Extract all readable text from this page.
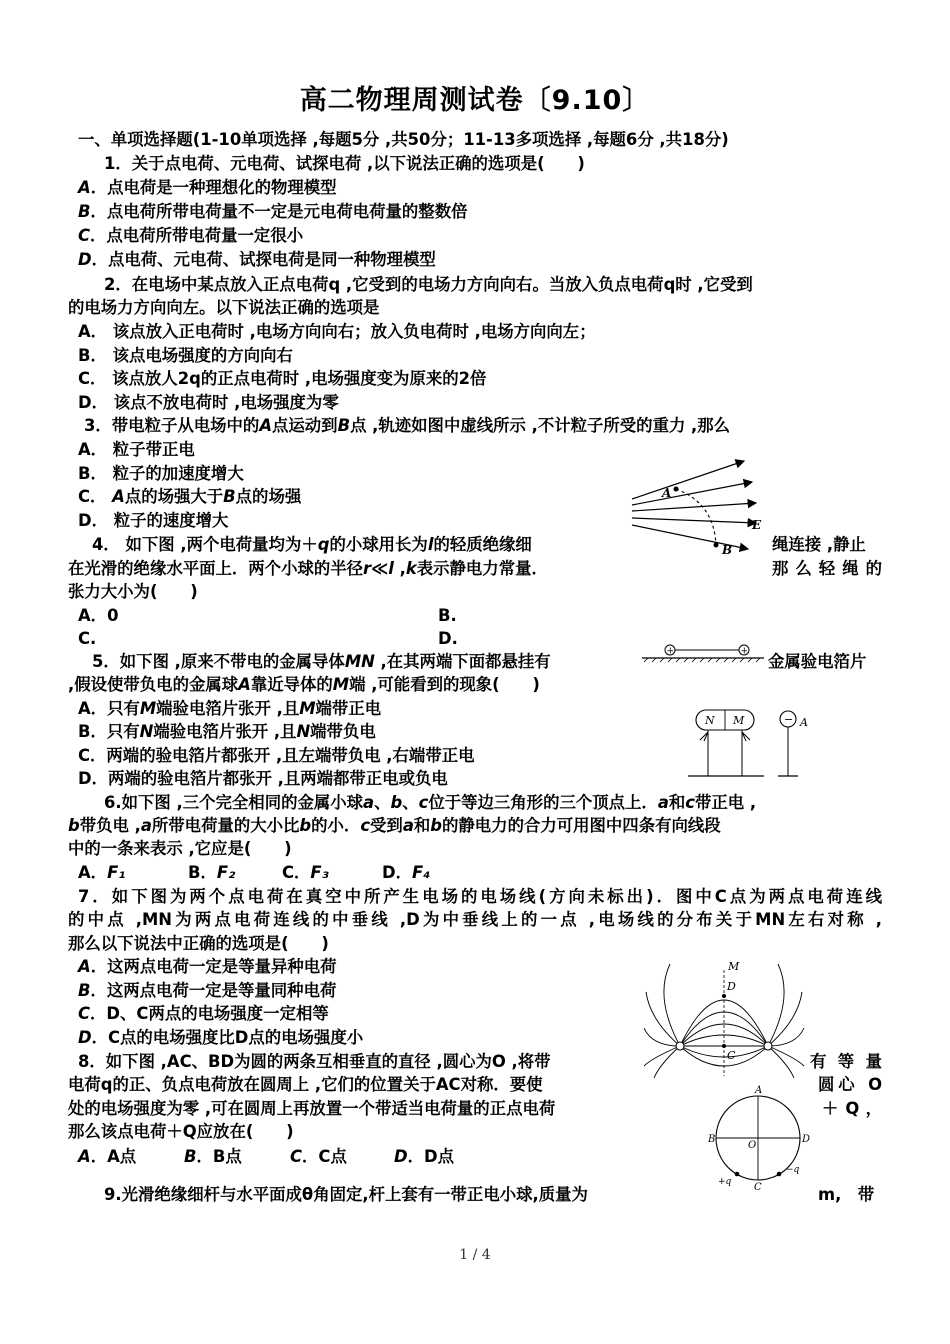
高二物理周测试卷〔9.10〕
一、单项选择题(1-10单项选择 ,每题5分 ,共50分；11-13多项选择 ,每题6分 ,共18分)
1．关于点电荷、元电荷、试探电荷 ,以下说法正确的选项是(　　)
A．点电荷是一种理想化的物理模型
B．点电荷所带电荷量不一定是元电荷电荷量的整数倍
C．点电荷所带电荷量一定很小
D．点电荷、元电荷、试探电荷是同一种物理模型
2．在电场中某点放入正点电荷q ,它受到的电场力方向向右。当放入负点电荷q时 ,它受到
的电场力方向向左。以下说法正确的选项是
A． 该点放入正电荷时 ,电场方向向右；放入负电荷时 ,电场方向向左；
B． 该点电场强度的方向向右
C． 该点放人2q的正点电荷时 ,电场强度变为原来的2倍
D． 该点不放电荷时 ,电场强度为零
3．带电粒子从电场中的A点运动到B点 ,轨迹如图中虚线所示 ,不计粒子所受的重力 ,那么
A． 粒子带正电
B． 粒子的加速度增大
C． A点的场强大于B点的场强
D． 粒子的速度增大
A
B
E
4． 如下图 ,两个电荷量均为＋q的小球用长为l的轻质绝缘细	绳连接 ,静止
在光滑的绝缘水平面上．两个小球的半径r≪l ,k表示静电力常量．	那么轻绳的
张力大小为(　　)
A．0	B.
C.	D.
+	+
5．如下图 ,原来不带电的金属导体MN ,在其两端下面都悬挂有	金属验电箔片
,假设使带负电的金属球A靠近导体的M端 ,可能看到的现象(　　)
A．只有M端验电箔片张开 ,且M端带正电
B．只有N端验电箔片张开 ,且N端带负电
C．两端的验电箔片都张开 ,且左端带负电 ,右端带正电
D．两端的验电箔片都张开 ,且两端都带正电或负电
N M	− A
6.如下图 ,三个完全相同的金属小球a、b、c位于等边三角形的三个顶点上．a和c带正电 ,
b带负电 ,a所带电荷量的大小比b的小．c受到a和b的静电力的合力可用图中四条有向线段
中的一条来表示 ,它应是(　　)
A．F₁	B．F₂	C．F₃	D．F₄
7．如下图为两个点电荷在真空中所产生电场的电场线(方向未标出)．图中C点为两点电荷连线
的中点 ,MN为两点电荷连线的中垂线 ,D为中垂线上的一点 ,电场线的分布关于MN左右对称 ,
那么以下说法中正确的选项是(　　)
A．这两点电荷一定是等量异种电荷
B．这两点电荷一定是等量同种电荷
C．D、C两点的电场强度一定相等
D．C点的电场强度比D点的电场强度小
M
D
C
8．如下图 ,AC、BD为圆的两条互相垂直的直径 ,圆心为O ,将带	有 等 量
电荷q的正、负点电荷放在圆周上 ,它们的位置关于AC对称．要使	圆心 O
处的电场强度为零 ,可在圆周上再放置一个带适当电荷量的正点电荷	＋ Q ，
那么该点电荷＋Q应放在(　　)
A．A点	B．B点	C．C点	D．D点
A
B
C
D
O
+q
−q
9.光滑绝缘细杆与水平面成θ角固定,杆上套有一带正电小球,质量为	m,　带
1 / 4
